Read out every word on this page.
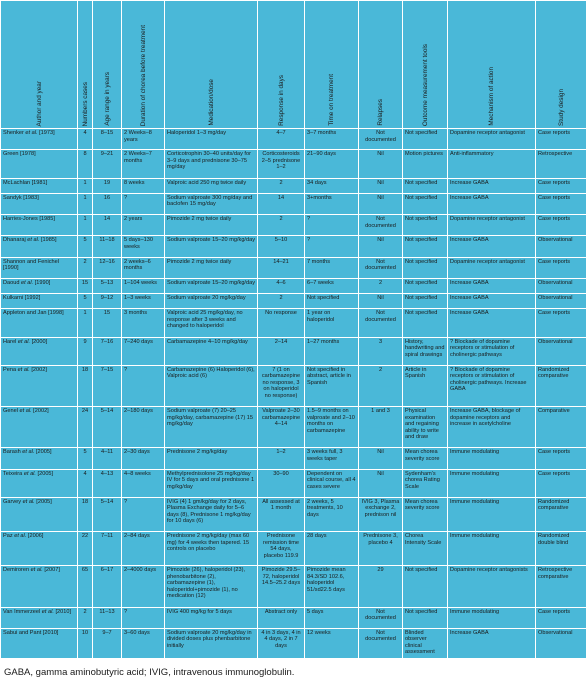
Author and year	Numbers cases	Age range in years	Duration of chorea before treatment	Medication/dose	Response in days	Time on treatment	Relapses	Outcome measurement tools	Mechanism of action	Study design

Shenker et al. [1973]	4	8–15	2 Weeks–8 years	Haloperidol 1–3 mg/day	4–7	3–7 months	Not documented	Not specified	Dopamine receptor antagonist	Case reports
Green [1978]	8	9–21	2 Weeks–7 months	Corticotrophin 30–40 units/day for 3–9 days and prednisone 30–75 mg/day	Corticosteroids 2–5 prednisone 1–2	21–90 days	Nil	Motion pictures	Anti-inflammatory	Retrospective
McLachlan [1981]	1	19	8 weeks	Valproic acid 250 mg twice daily	2	34 days	Nil	Not specified	Increase GABA	Case reports
Sandyk [1983]	1	16	?	Sodium valproate 300 mg/day and baclofen 15 mg/day	14	3+months	Nil	Not specified	Increase GABA	Case reports
Harries-Jones [1985]	1	14	2 years	Pimozide 2 mg twice daily	2	?	Not documented	Not specified	Dopamine receptor antagonist	Case reports
Dhanaraj et al. [1985]	5	11–18	5 days–130 weeks	Sodium valproate 15–20 mg/kg/day	5–10	?	Nil	Not specified	Increase GABA	Observational
Shannon and Fenichel [1990]	2	12–16	2 weeks–6 months	Pimozide 2 mg twice daily	14–21	7 months	Not documented	Not specified	Dopamine receptor antagonist	Case reports
Daoud et al. [1990]	15	5–13	1–104 weeks	Sodium valproate 15–20 mg/kg/day	4–6	6–7 weeks	2	Not specified	Increase GABA	Observational
Kulkarni [1992]	5	9–12	1–3 weeks	Sodium valproate 20 mg/kg/day	2	Not specified	Nil	Not specified	Increase GABA	Observational
Appleton and Jan [1998]	1	15	3 months	Valproic acid 25 mg/kg/day, no response after 3 weeks and changed to haloperidol	No response	1 year on haloperidol	Not documented	Not specified	Increase GABA	Case reports
Harel et al. [2000]	9	7–16	7–240 days	Carbamazepine 4–10 mg/kg/day	2–14	1–27 months	3	History, handwriting and spiral drawings	? Blockade of dopamine receptors or stimulation of cholinergic pathways	Observational
Pena et al. [2002]	18	7–15	?	Carbamazepine (6) Haloperidol (6), Valproic acid (6)	7 (1 on carbamazepine no response, 3 on haloperidol no response)	Not specified in abstract, article in Spanish	2	Article in Spanish	? Blockade of dopamine receptors or stimulation of cholinergic pathways. Increase GABA	Randomized comparative
Genel et al. [2002]	24	5–14	2–180 days	Sodium valproate (7) 20–25 mg/kg/day, carbamazepine (17) 15 mg/kg/day	Valproate 2–30 carbamazepine 4–14	1.5–9 months on valproate and 2–10 months on carbamazepine	1 and 3	Physical examination and regaining ability to write and draw	Increase GABA, blockage of dopamine receptors and increase in acetylcholine	Comparative
Barash et al. [2005]	5	4–11	2–30 days	Prednisone 2 mg/kg/day	1–2	3 weeks full, 3 weeks taper	Nil	Mean chorea severity score	Immune modulating	Case reports
Teixeira et al. [2005]	4	4–13	4–8 weeks	Methylprednisolone 25 mg/kg/day IV for 5 days and oral prednisone 1 mg/kg/day	30–90	Dependent on clinical course, all 4 cases severe	Nil	Sydenham’s chorea Rating Scale	Immune modulating	Case reports
Garvey et al. [2005]	18	5–14	?	IVIG (4) 1 gm/kg/day for 2 days, Plasma Exchange daily for 5–6 days (8), Prednisone 1 mg/kg/day for 10 days (6)	All assessed at 1 month	2 weeks, 5 treatments, 10 days	IVIG 3, Plasma exchange 2, prednison nil	Mean chorea severity score	Immune modulating	Randomized comparative
Paz et al. [2006]	22	7–11	2–84 days	Prednisone 2 mg/kg/day (max 60 mg) for 4 weeks then tapered. 15 controls on placebo	Prednisone remission time 54 days, placebo 119.9	28 days	Prednisone 3, placebo 4	Chorea Intensity Scale	Immune modulating	Randomized double blind
Demiroren et al. [2007]	65	6–17	2–4000 days	Pimozide (26), haloperidol (23), phenobarbitone (2), carbamazepine (1), haloperidol+pimozide (1), no medication (12)	Pimozide 29.5–72, haloperidol 14.5–25.2 days	Pimozide mean 84.3/SD 102.6, haloperidol 51/sd22.5 days	29	Not specified	Dopamine receptor antagonists	Retrospective comparative
Van Immerzeel et al. [2010]	2	11–13	?	IVIG 400 mg/kg for 5 days	Abstract only	5 days	Not documented	Not specified	Immune modulating	Case reports
Sabui and Pant [2010]	10	9–7	3–60 days	Sodium valproate 20 mg/kg/day in divided doses plus phenbarbitone initially	4 in 3 days, 4 in 4 days, 2 in 7 days	12 weeks	Not documented	Blinded observer clinical assessment	Increase GABA	Observational
GABA, gamma aminobutyric acid; IVIG, intravenous immunoglobulin.
